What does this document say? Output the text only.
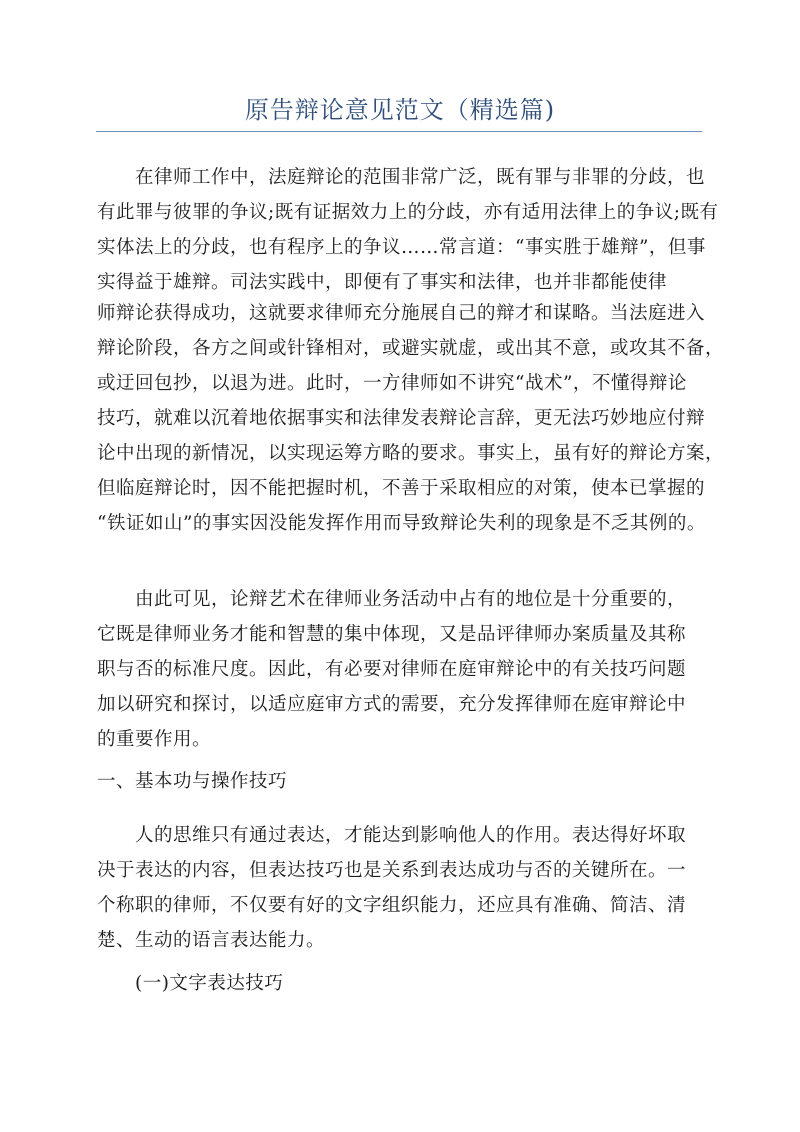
原告辩论意见范文（精选篇)
在律师工作中，法庭辩论的范围非常广泛，既有罪与非罪的分歧，也
有此罪与彼罪的争议;既有证据效力上的分歧，亦有适用法律上的争议;既有
实体法上的分歧，也有程序上的争议……常言道：“事实胜于雄辩”，但事
实得益于雄辩。司法实践中，即便有了事实和法律，也并非都能使律
师辩论获得成功，这就要求律师充分施展自己的辩才和谋略。当法庭进入
辩论阶段，各方之间或针锋相对，或避实就虚，或出其不意，或攻其不备，
或迂回包抄，以退为进。此时，一方律师如不讲究“战术”，不懂得辩论
技巧，就难以沉着地依据事实和法律发表辩论言辞，更无法巧妙地应付辩
论中出现的新情况，以实现运筹方略的要求。事实上，虽有好的辩论方案，
但临庭辩论时，因不能把握时机，不善于采取相应的对策，使本已掌握的
“铁证如山”的事实因没能发挥作用而导致辩论失利的现象是不乏其例的。
由此可见，论辩艺术在律师业务活动中占有的地位是十分重要的，
它既是律师业务才能和智慧的集中体现，又是品评律师办案质量及其称
职与否的标准尺度。因此，有必要对律师在庭审辩论中的有关技巧问题
加以研究和探讨，以适应庭审方式的需要，充分发挥律师在庭审辩论中
的重要作用。
一、基本功与操作技巧
人的思维只有通过表达，才能达到影响他人的作用。表达得好坏取
决于表达的内容，但表达技巧也是关系到表达成功与否的关键所在。一
个称职的律师，不仅要有好的文字组织能力，还应具有准确、简洁、清
楚、生动的语言表达能力。
(一)文字表达技巧
